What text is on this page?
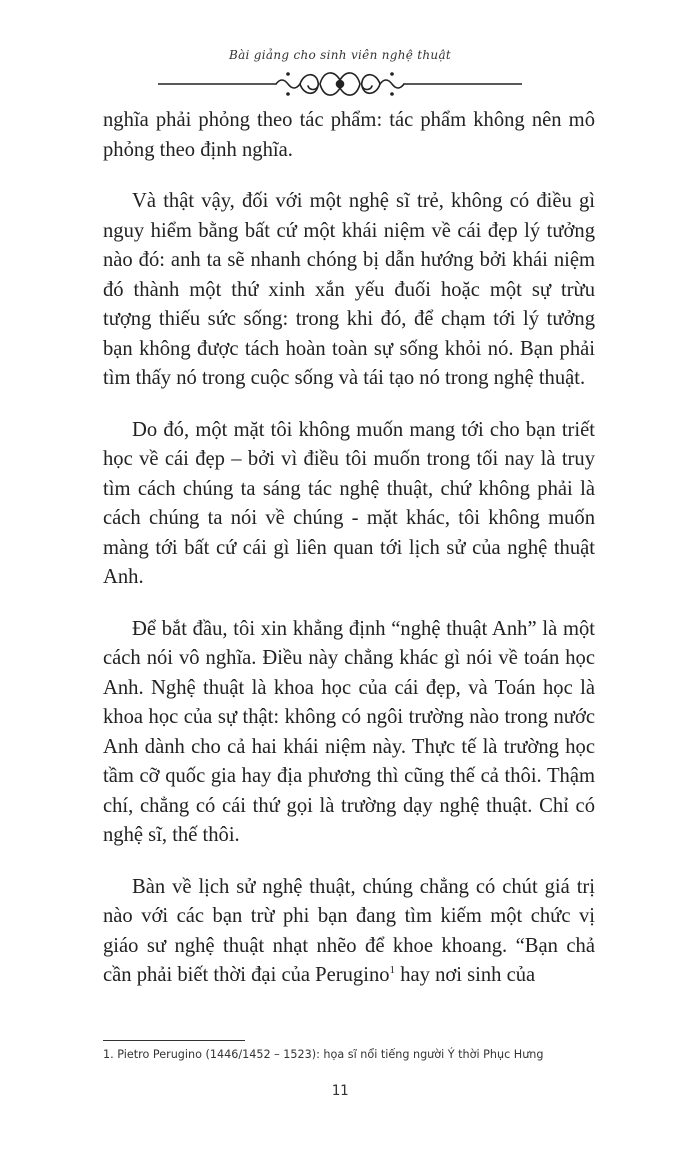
Bài giảng cho sinh viên nghệ thuật

nghĩa phải phỏng theo tác phẩm: tác phẩm không nên mô phỏng theo định nghĩa.

Và thật vậy, đối với một nghệ sĩ trẻ, không có điều gì nguy hiểm bằng bất cứ một khái niệm về cái đẹp lý tưởng nào đó: anh ta sẽ nhanh chóng bị dẫn hướng bởi khái niệm đó thành một thứ xinh xắn yếu đuối hoặc một sự trừu tượng thiếu sức sống: trong khi đó, để chạm tới lý tưởng bạn không được tách hoàn toàn sự sống khỏi nó. Bạn phải tìm thấy nó trong cuộc sống và tái tạo nó trong nghệ thuật.

Do đó, một mặt tôi không muốn mang tới cho bạn triết học về cái đẹp – bởi vì điều tôi muốn trong tối nay là truy tìm cách chúng ta sáng tác nghệ thuật, chứ không phải là cách chúng ta nói về chúng - mặt khác, tôi không muốn màng tới bất cứ cái gì liên quan tới lịch sử của nghệ thuật Anh.

Để bắt đầu, tôi xin khẳng định “nghệ thuật Anh” là một cách nói vô nghĩa. Điều này chẳng khác gì nói về toán học Anh. Nghệ thuật là khoa học của cái đẹp, và Toán học là khoa học của sự thật: không có ngôi trường nào trong nước Anh dành cho cả hai khái niệm này. Thực tế là trường học tầm cỡ quốc gia hay địa phương thì cũng thế cả thôi. Thậm chí, chẳng có cái thứ gọi là trường dạy nghệ thuật. Chỉ có nghệ sĩ, thế thôi.

Bàn về lịch sử nghệ thuật, chúng chẳng có chút giá trị nào với các bạn trừ phi bạn đang tìm kiếm một chức vị giáo sư nghệ thuật nhạt nhẽo để khoe khoang. “Bạn chả cần phải biết thời đại của Perugino$^1$ hay nơi sinh của

1. Pietro Perugino (1446/1452 – 1523): họa sĩ nổi tiếng người Ý thời Phục Hưng
11
